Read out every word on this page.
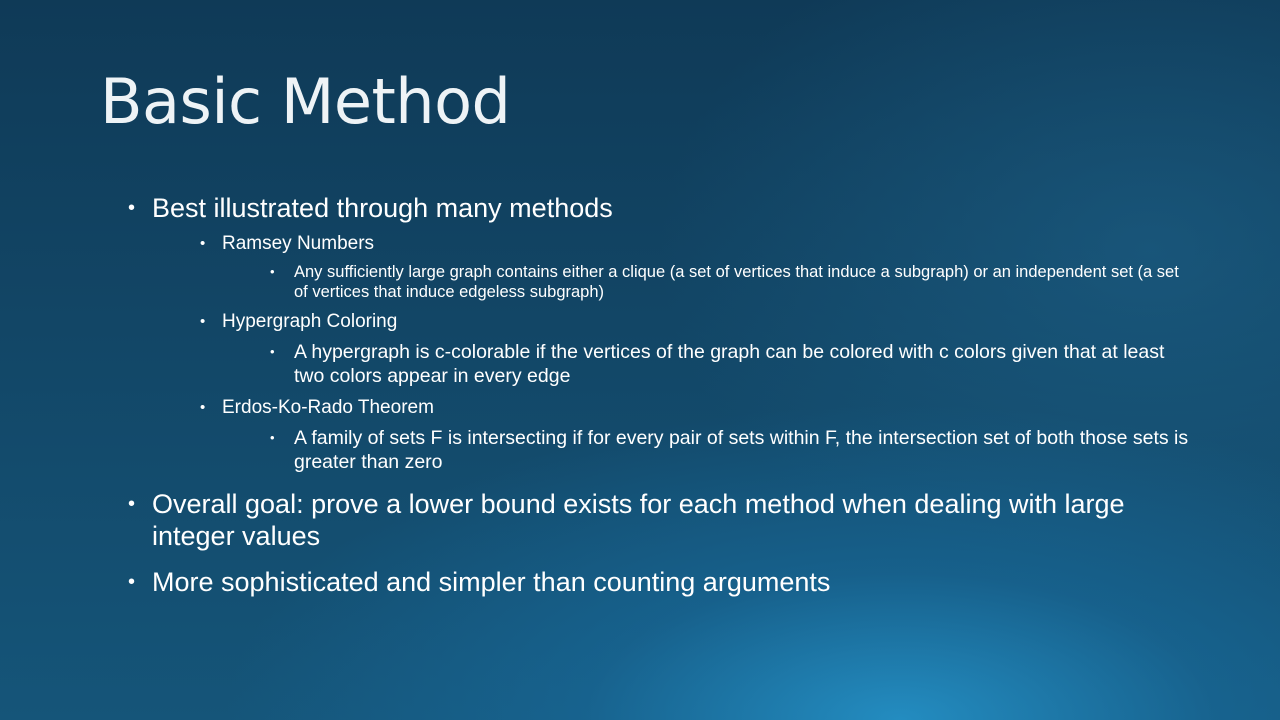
Basic Method
• Best illustrated through many methods
• Ramsey Numbers
• Any sufficiently large graph contains either a clique (a set of vertices that induce a subgraph) or an independent set (a set of vertices that induce edgeless subgraph)
• Hypergraph Coloring
• A hypergraph is c-colorable if the vertices of the graph can be colored with c colors given that at least two colors appear in every edge
• Erdos-Ko-Rado Theorem
• A family of sets F is intersecting if for every pair of sets within F, the intersection set of both those sets is greater than zero
• Overall goal: prove a lower bound exists for each method when dealing with large integer values
• More sophisticated and simpler than counting arguments
